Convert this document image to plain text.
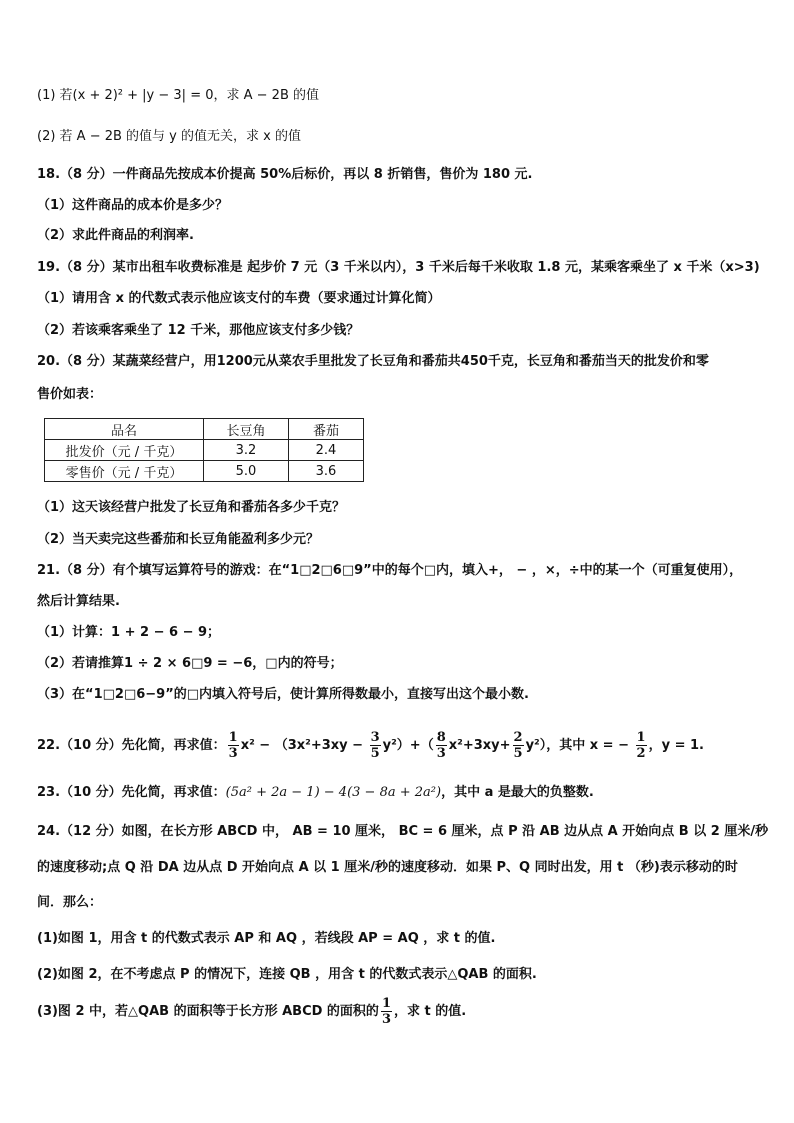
(1) 若(x + 2)² + |y − 3| = 0，求 A − 2B 的值
(2) 若 A − 2B 的值与 y 的值无关，求 x 的值
18.（8 分）一件商品先按成本价提高 50%后标价，再以 8 折销售，售价为 180 元.
（1）这件商品的成本价是多少？
（2）求此件商品的利润率.
19.（8 分）某市出租车收费标准是 起步价 7 元（3 千米以内），3 千米后每千米收取 1.8 元，某乘客乘坐了 x 千米（x>3)
（1）请用含 x 的代数式表示他应该支付的车费（要求通过计算化简）
（2）若该乘客乘坐了 12 千米，那他应该支付多少钱？
20.（8 分）某蔬菜经营户，用1200元从菜农手里批发了长豆角和番茄共450千克，长豆角和番茄当天的批发价和零
售价如表：
品名	长豆角	番茄
批发价（元 / 千克）	3.2	2.4
零售价（元 / 千克）	5.0	3.6
（1）这天该经营户批发了长豆角和番茄各多少千克？
（2）当天卖完这些番茄和长豆角能盈利多少元？
21.（8 分）有个填写运算符号的游戏：在“1□2□6□9”中的每个□内，填入+， − ，×，÷中的某一个（可重复使用），
然后计算结果.
（1）计算：1 + 2 − 6 − 9；
（2）若请推算1 ÷ 2 × 6□9 = −6，□内的符号；
（3）在“1□2□6−9”的□内填入符号后，使计算所得数最小，直接写出这个最小数.
22.（10 分）先化简，再求值： $\frac{1}{3} x^2 - (3x^2+3xy - \frac{3}{5} y^2)+( \frac{8}{3} x^2+3xy+ \frac{2}{5} y^2)$，其中 x = − $\frac{1}{2}$ ，y = 1.
23.（10 分）先化简，再求值：(5a² + 2a − 1) − 4(3 − 8a + 2a²)，其中 a 是最大的负整数.
24.（12 分）如图，在长方形 ABCD 中， AB = 10 厘米， BC = 6 厘米，点 P 沿 AB 边从点 A 开始向点 B 以 2 厘米/秒
的速度移动;点 Q 沿 DA 边从点 D 开始向点 A 以 1 厘米/秒的速度移动．如果 P、Q 同时出发，用 t （秒)表示移动的时
间．那么：
(1)如图 1，用含 t 的代数式表示 AP 和 AQ ，若线段 AP = AQ ，求 t 的值.
(2)如图 2，在不考虑点 P 的情况下，连接 QB ，用含 t 的代数式表示△QAB 的面积.
(3)图 2 中，若△QAB 的面积等于长方形 ABCD 的面积的 $\frac{1}{3}$ ，求 t 的值.
